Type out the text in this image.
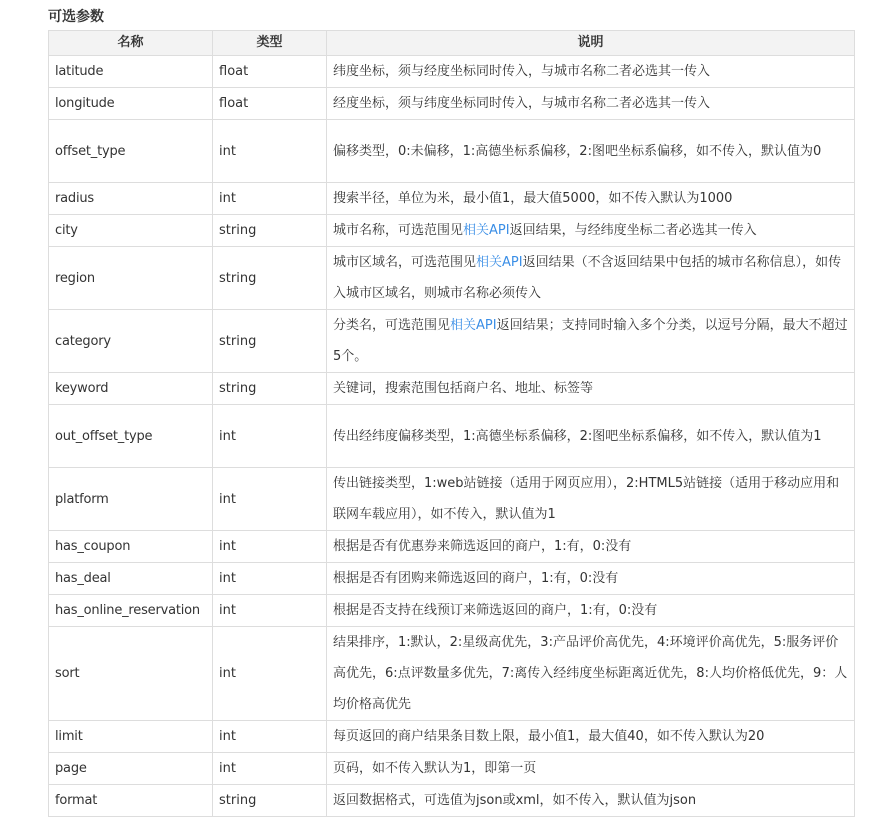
可选参数
名称	类型	说明
latitude	float	纬度坐标，须与经度坐标同时传入，与城市名称二者必选其一传入
longitude	float	经度坐标，须与纬度坐标同时传入，与城市名称二者必选其一传入
offset_type	int	偏移类型，0:未偏移，1:高德坐标系偏移，2:图吧坐标系偏移，如不传入，默认值为0
radius	int	搜索半径，单位为米，最小值1，最大值5000，如不传入默认为1000
city	string	城市名称，可选范围见相关API返回结果，与经纬度坐标二者必选其一传入
region	string	城市区域名，可选范围见相关API返回结果（不含返回结果中包括的城市名称信息），如传入城市区域名，则城市名称必须传入
category	string	分类名，可选范围见相关API返回结果；支持同时输入多个分类，以逗号分隔，最大不超过5个。
keyword	string	关键词，搜索范围包括商户名、地址、标签等
out_offset_type	int	传出经纬度偏移类型，1:高德坐标系偏移，2:图吧坐标系偏移，如不传入，默认值为1
platform	int	传出链接类型，1:web站链接（适用于网页应用），2:HTML5站链接（适用于移动应用和联网车载应用），如不传入，默认值为1
has_coupon	int	根据是否有优惠券来筛选返回的商户，1:有，0:没有
has_deal	int	根据是否有团购来筛选返回的商户，1:有，0:没有
has_online_reservation	int	根据是否支持在线预订来筛选返回的商户，1:有，0:没有
sort	int	结果排序，1:默认，2:星级高优先，3:产品评价高优先，4:环境评价高优先，5:服务评价高优先，6:点评数量多优先，7:离传入经纬度坐标距离近优先，8:人均价格低优先，9：人均价格高优先
limit	int	每页返回的商户结果条目数上限，最小值1，最大值40，如不传入默认为20
page	int	页码，如不传入默认为1，即第一页
format	string	返回数据格式，可选值为json或xml，如不传入，默认值为json
